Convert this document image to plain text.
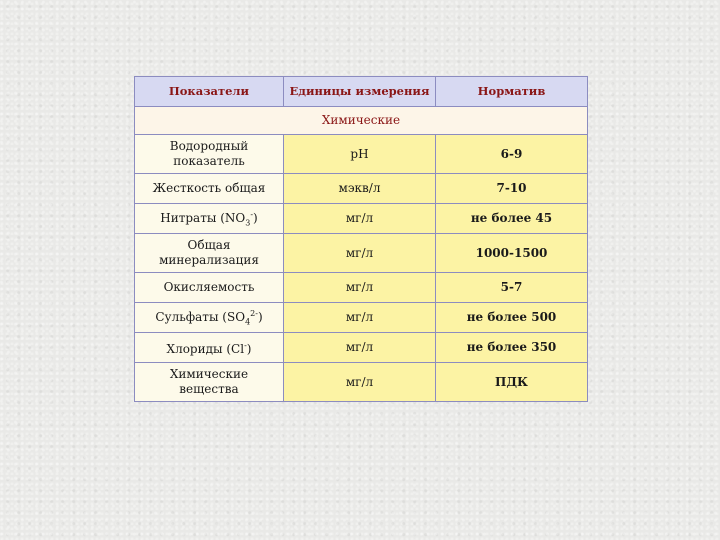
Показатели	Единицы измерения	Норматив
Химические		
Водородный показатель	pH	6-9
Жесткость общая	мэкв/л	7-10
Нитраты $(NO_3^-)$	мг/л	не более 45
Общая минерализация	мг/л	1000-1500
Окисляемость	мг/л	5-7
Сульфаты $(SO_4^{2-})$	мг/л	не более 500
Хлориды (Cl-)	мг/л	не более 350
Химические вещества	мг/л	ПДК
